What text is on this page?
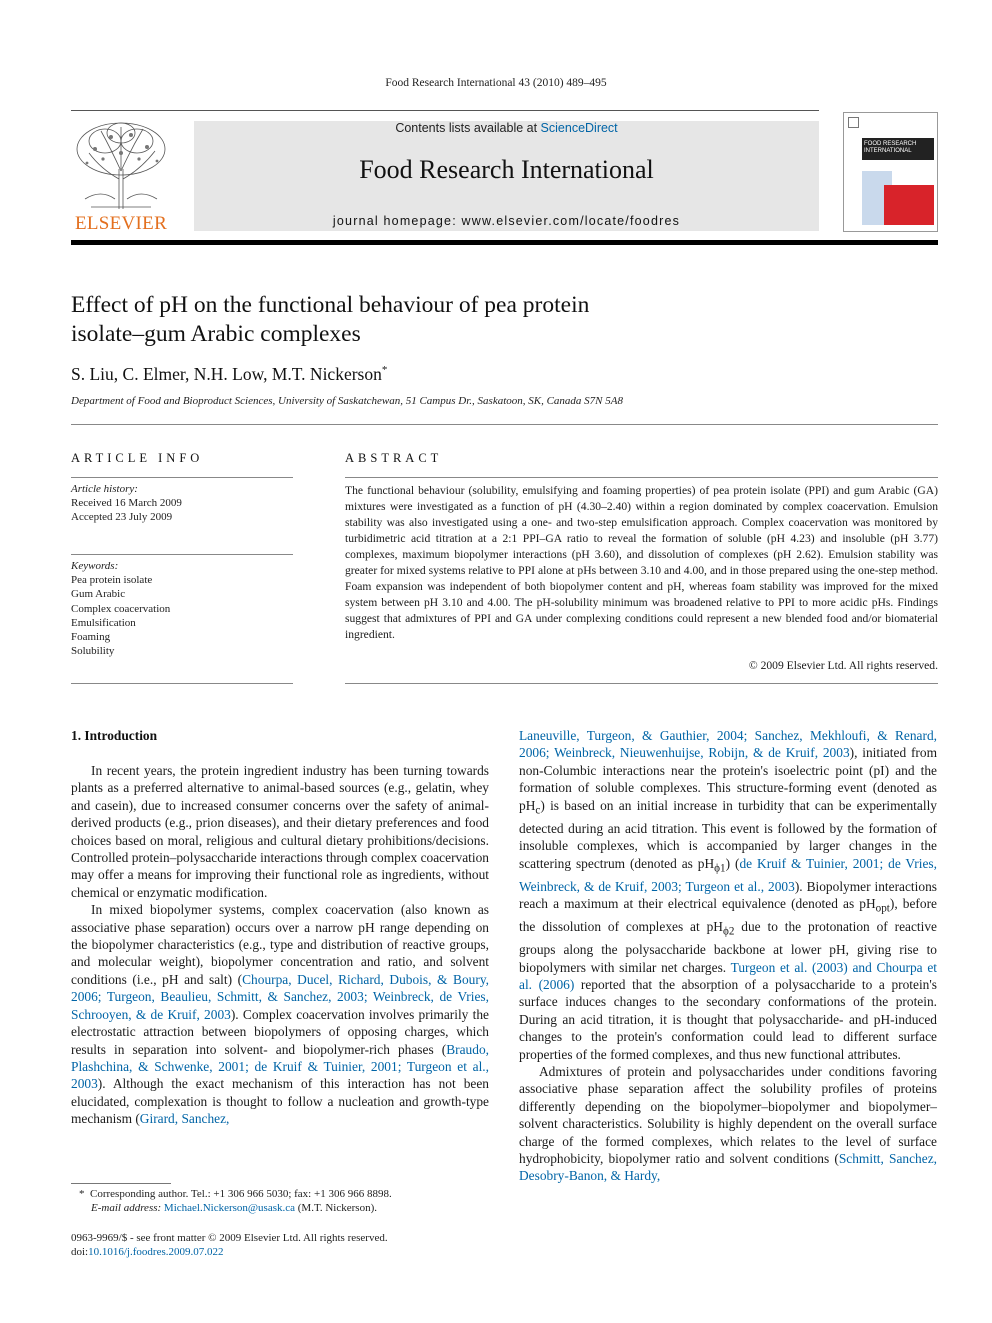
Food Research International 43 (2010) 489–495
ELSEVIER
Contents lists available at ScienceDirect
Food Research International
journal homepage: www.elsevier.com/locate/foodres
FOOD RESEARCH INTERNATIONAL
Effect of pH on the functional behaviour of pea protein
isolate–gum Arabic complexes
S. Liu, C. Elmer, N.H. Low, M.T. Nickerson*
Department of Food and Bioproduct Sciences, University of Saskatchewan, 51 Campus Dr., Saskatoon, SK, Canada S7N 5A8
ARTICLE INFO
Article history:
Received 16 March 2009
Accepted 23 July 2009
Keywords:
Pea protein isolate
Gum Arabic
Complex coacervation
Emulsification
Foaming
Solubility
ABSTRACT
The functional behaviour (solubility, emulsifying and foaming properties) of pea protein isolate (PPI) and gum Arabic (GA) mixtures were investigated as a function of pH (4.30–2.40) within a region dominated by complex coacervation. Emulsion stability was also investigated using a one- and two-step emulsification approach. Complex coacervation was monitored by turbidimetric acid titration at a 2:1 PPI–GA ratio to reveal the formation of soluble (pH 4.23) and insoluble (pH 3.77) complexes, maximum biopolymer interactions (pH 3.60), and dissolution of complexes (pH 2.62). Emulsion stability was greater for mixed systems relative to PPI alone at pHs between 3.10 and 4.00, and in those prepared using the one-step method. Foam expansion was independent of both biopolymer content and pH, whereas foam stability was improved for the mixed system between pH 3.10 and 4.00. The pH-solubility minimum was broadened relative to PPI to more acidic pHs. Findings suggest that admixtures of PPI and GA under complexing conditions could represent a new blended food and/or biomaterial ingredient.
© 2009 Elsevier Ltd. All rights reserved.
1. Introduction

In recent years, the protein ingredient industry has been turning towards plants as a preferred alternative to animal-based sources (e.g., gelatin, whey and casein), due to increased consumer concerns over the safety of animal-derived products (e.g., prion diseases), and their dietary preferences and food choices based on moral, religious and cultural dietary prohibitions/decisions. Controlled protein–polysaccharide interactions through complex coacervation may offer a means for improving their functional role as ingredients, without chemical or enzymatic modification.

In mixed biopolymer systems, complex coacervation (also known as associative phase separation) occurs over a narrow pH range depending on the biopolymer characteristics (e.g., type and distribution of reactive groups, and molecular weight), biopolymer concentration and ratio, and solvent conditions (i.e., pH and salt) (Chourpa, Ducel, Richard, Dubois, & Boury, 2006; Turgeon, Beaulieu, Schmitt, & Sanchez, 2003; Weinbreck, de Vries, Schrooyen, & de Kruif, 2003). Complex coacervation involves primarily the electrostatic attraction between biopolymers of opposing charges, which results in separation into solvent- and biopolymer-rich phases (Braudo, Plashchina, & Schwenke, 2001; de Kruif & Tuinier, 2001; Turgeon et al., 2003). Although the exact mechanism of this interaction has not been elucidated, complexation is thought to follow a nucleation and growth-type mechanism (Girard, Sanchez,

Laneuville, Turgeon, & Gauthier, 2004; Sanchez, Mekhloufi, & Renard, 2006; Weinbreck, Nieuwenhuijse, Robijn, & de Kruif, 2003), initiated from non-Columbic interactions near the protein's isoelectric point (pI) and the formation of soluble complexes. This structure-forming event (denoted as $pH_c$) is based on an initial increase in turbidity that can be experimentally detected during an acid titration. This event is followed by the formation of insoluble complexes, which is accompanied by larger changes in the scattering spectrum (denoted as $pH_{\phi 1}$) (de Kruif & Tuinier, 2001; de Vries, Weinbreck, & de Kruif, 2003; Turgeon et al., 2003). Biopolymer interactions reach a maximum at their electrical equivalence (denoted as $pH_{opt}$), before the dissolution of complexes at $pH_{\phi 2}$ due to the protonation of reactive groups along the polysaccharide backbone at lower pH, giving rise to biopolymers with similar net charges. Turgeon et al. (2003) and Chourpa et al. (2006) reported that the absorption of a polysaccharide to a protein's surface induces changes to the secondary conformations of the protein. During an acid titration, it is thought that polysaccharide- and pH-induced changes to the protein's conformation could lead to different surface properties of the formed complexes, and thus new functional attributes.

Admixtures of protein and polysaccharides under conditions favoring associative phase separation affect the solubility profiles of proteins differently depending on the biopolymer–biopolymer and biopolymer–solvent characteristics. Solubility is highly dependent on the overall surface charge of the formed complexes, which relates to the level of surface hydrophobicity, biopolymer ratio and solvent conditions (Schmitt, Sanchez, Desobry-Banon, & Hardy,

* Corresponding author. Tel.: +1 306 966 5030; fax: +1 306 966 8898.
E-mail address: Michael.Nickerson@usask.ca (M.T. Nickerson).
0963-9969/$ - see front matter © 2009 Elsevier Ltd. All rights reserved.
doi:10.1016/j.foodres.2009.07.022
